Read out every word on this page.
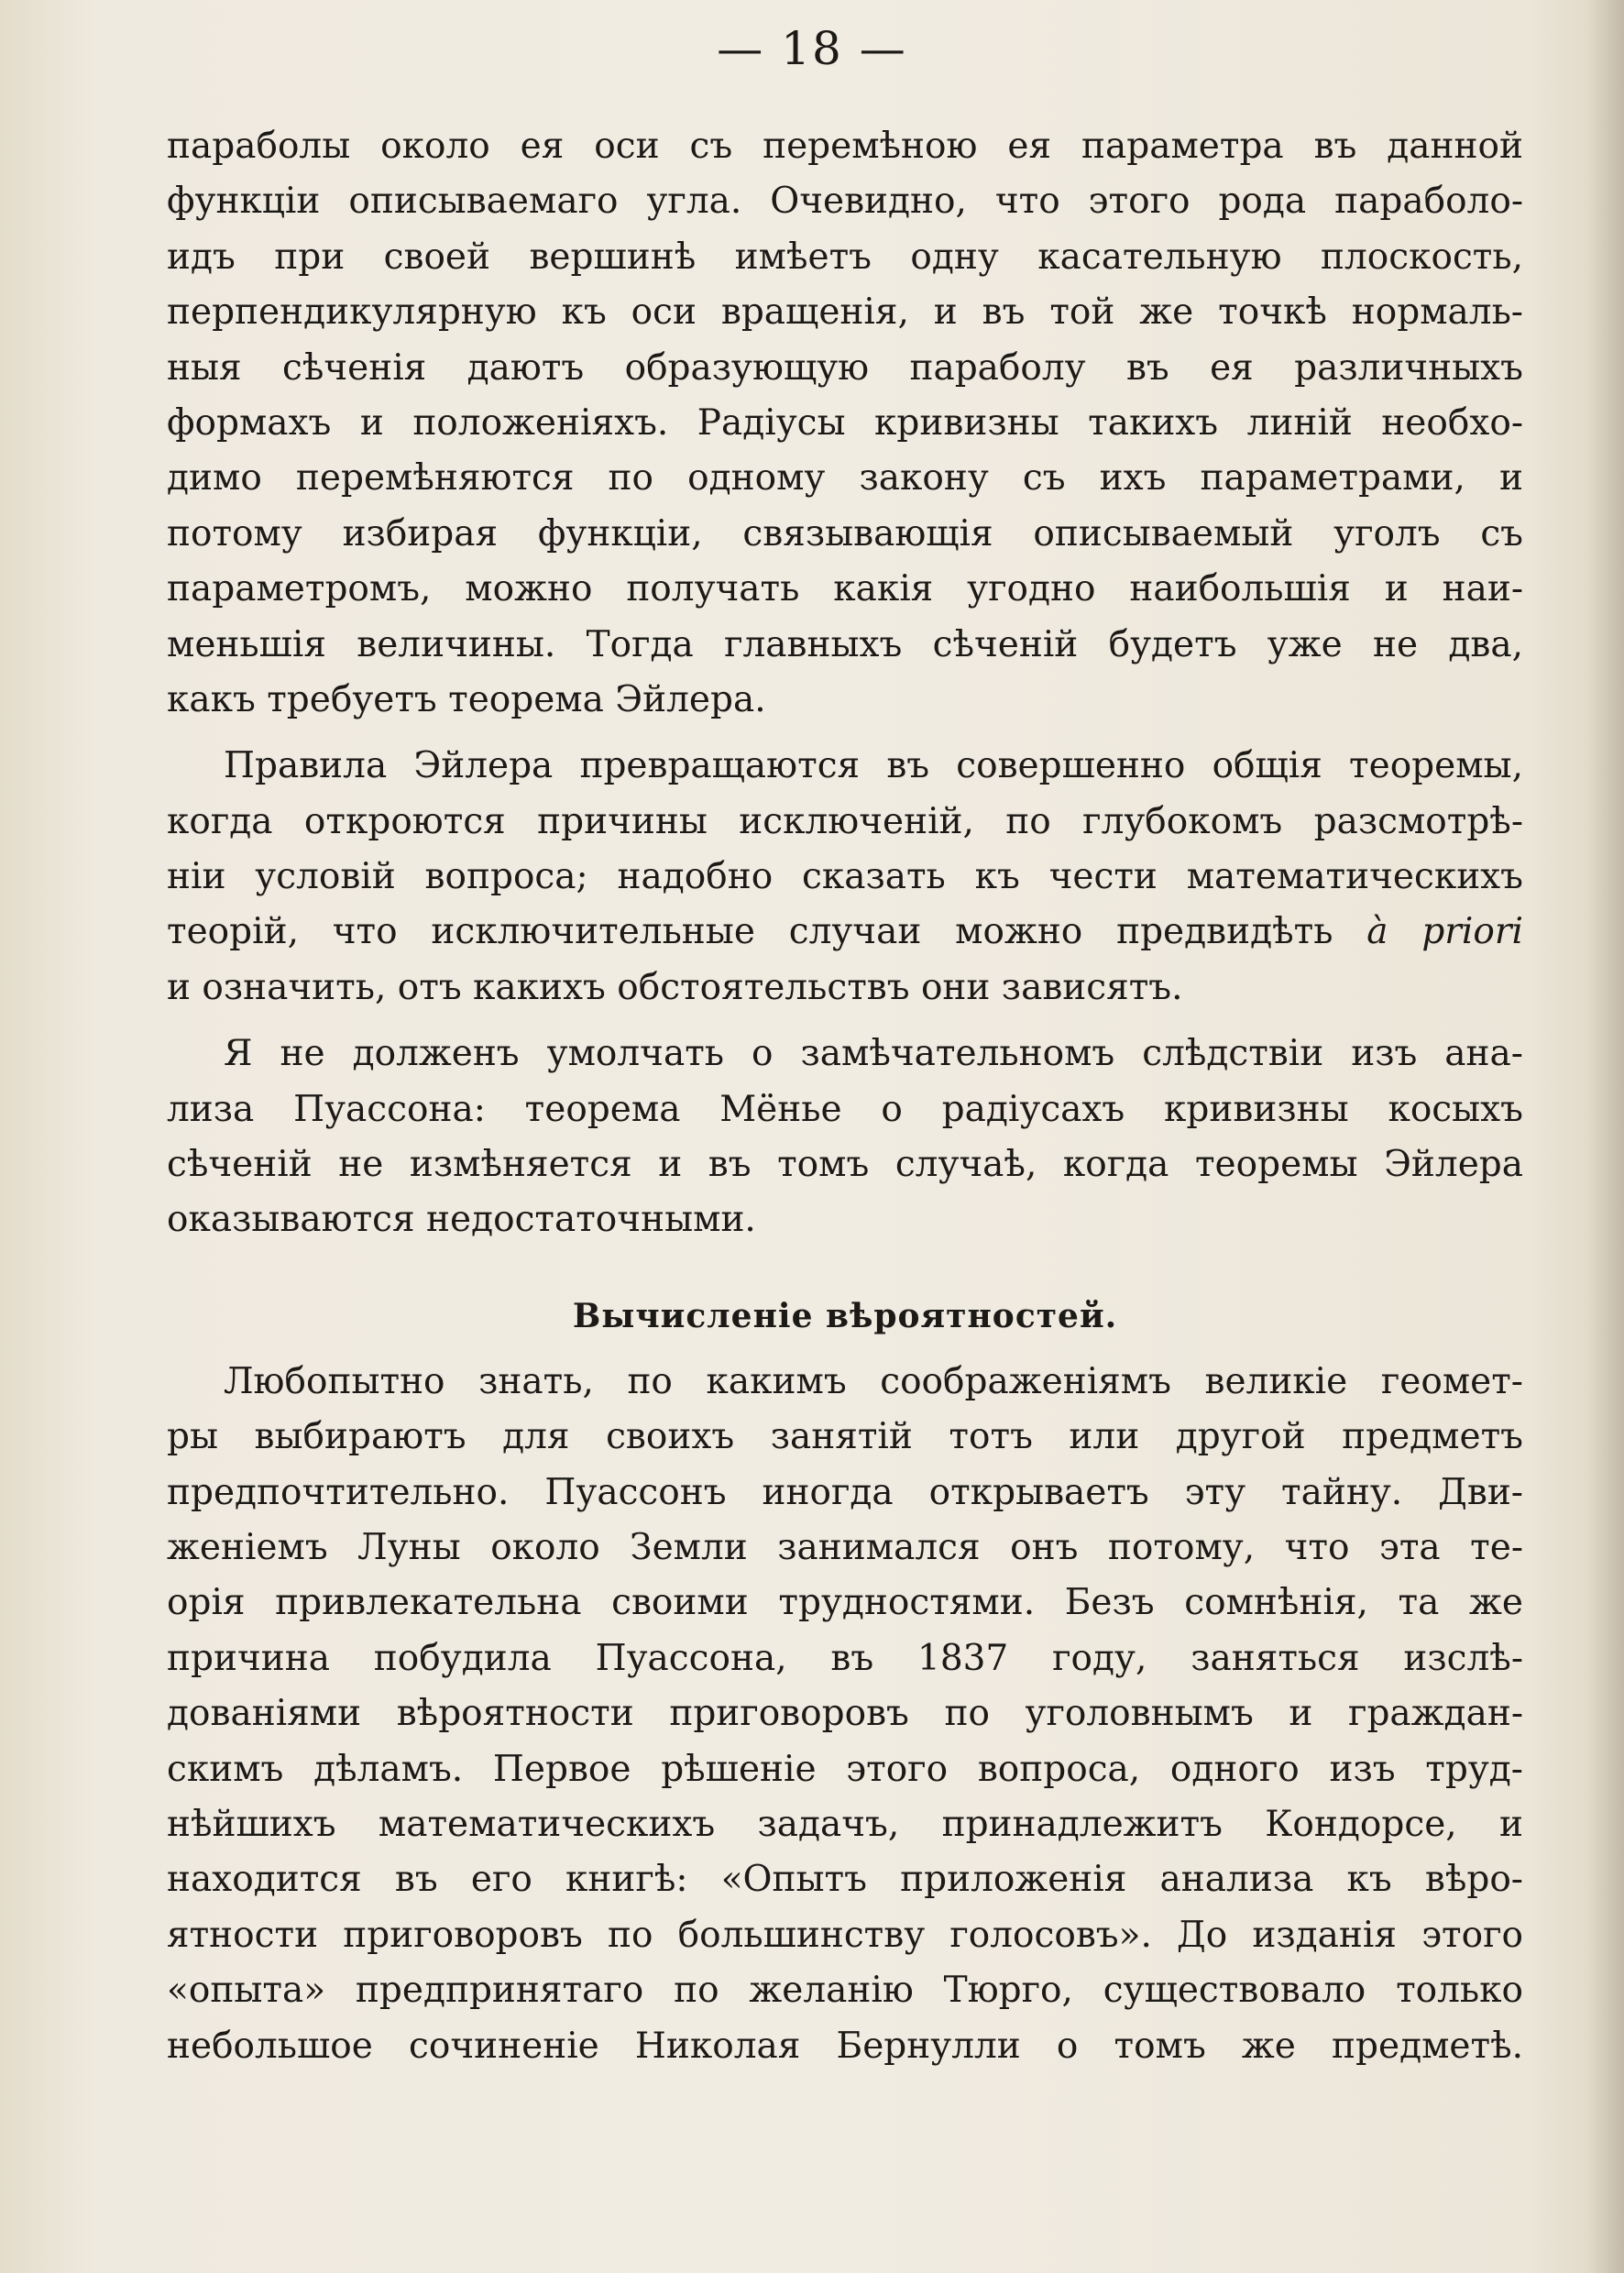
— 18 —
параболы около ея оси съ перемѣною ея параметра въ данной
функціи описываемаго угла. Очевидно, что этого рода параболо-
идъ при своей вершинѣ имѣетъ одну касательную плоскость,
перпендикулярную къ оси вращенія, и въ той же точкѣ нормаль-
ныя сѣченія даютъ образующую параболу въ ея различныхъ
формахъ и положеніяхъ. Радіусы кривизны такихъ линій необхо-
димо перемѣняются по одному закону съ ихъ параметрами, и
потому избирая функціи, связывающія описываемый уголъ съ
параметромъ, можно получать какія угодно наибольшія и наи-
меньшія величины. Тогда главныхъ сѣченій будетъ уже не два,
какъ требуетъ теорема Эйлера.
Правила Эйлера превращаются въ совершенно общія теоремы,
когда откроются причины исключеній, по глубокомъ разсмотрѣ-
ніи условій вопроса; надобно сказать къ чести математическихъ
теорій, что исключительные случаи можно предвидѣть à priori
и означить, отъ какихъ обстоятельствъ они зависятъ.
Я не долженъ умолчать о замѣчательномъ слѣдствіи изъ ана-
лиза Пуассона: теорема Мёнье о радіусахъ кривизны косыхъ
сѣченій не измѣняется и въ томъ случаѣ, когда теоремы Эйлера
оказываются недостаточными.
Вычисленіе вѣроятностей.
Любопытно знать, по какимъ соображеніямъ великіе геомет-
ры выбираютъ для своихъ занятій тотъ или другой предметъ
предпочтительно. Пуассонъ иногда открываетъ эту тайну. Дви-
женіемъ Луны около Земли занимался онъ потому, что эта те-
орія привлекательна своими трудностями. Безъ сомнѣнія, та же
причина побудила Пуассона, въ 1837 году, заняться изслѣ-
дованіями вѣроятности приговоровъ по уголовнымъ и граждан-
скимъ дѣламъ. Первое рѣшеніе этого вопроса, одного изъ труд-
нѣйшихъ математическихъ задачъ, принадлежитъ Кондорсе, и
находится въ его книгѣ: «Опытъ приложенія анализа къ вѣро-
ятности приговоровъ по большинству голосовъ». До изданія этого
«опыта» предпринятаго по желанію Тюрго, существовало только
небольшое сочиненіе Николая Бернулли о томъ же предметѣ.
